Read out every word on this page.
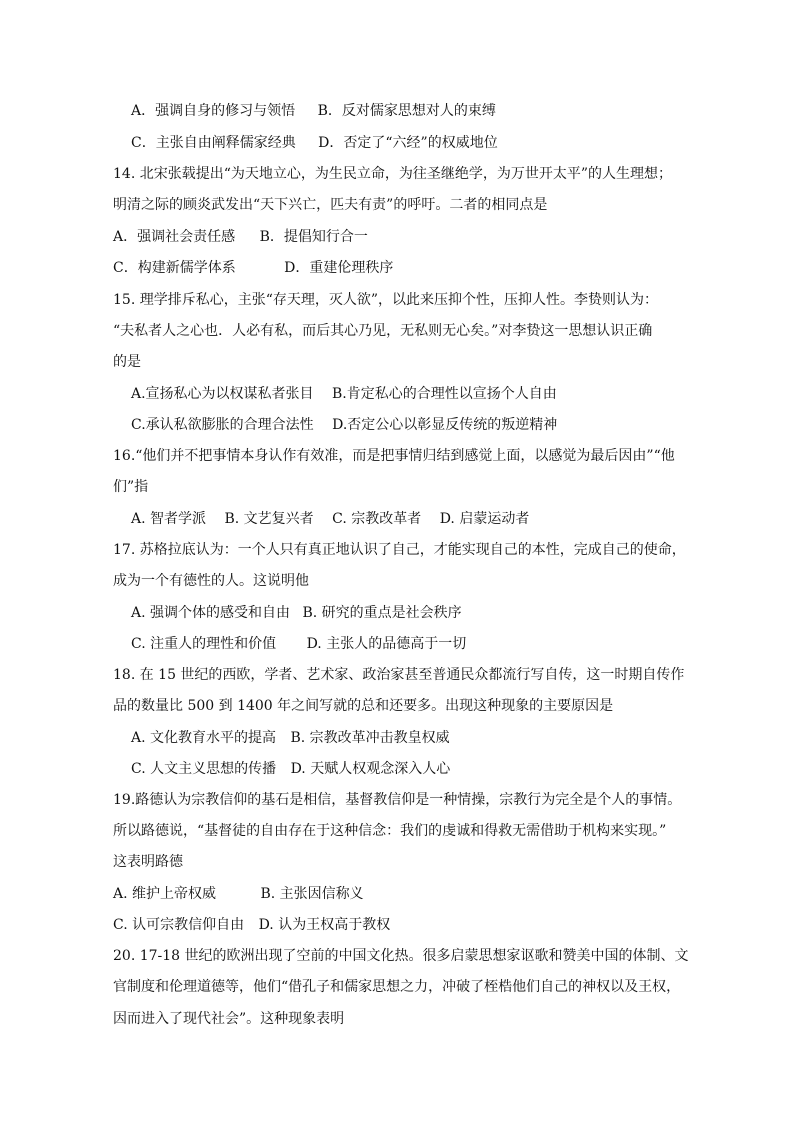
A．强调自身的修习与领悟 B．反对儒家思想对人的束缚
C．主张自由阐释儒家经典 D．否定了“六经”的权威地位
14. 北宋张载提出“为天地立心，为生民立命，为往圣继绝学，为万世开太平”的人生理想；
明清之际的顾炎武发出“天下兴亡，匹夫有责”的呼吁。二者的相同点是
A．强调社会责任感 B．提倡知行合一
C．构建新儒学体系	D．重建伦理秩序
15. 理学排斥私心，主张“存天理，灭人欲”，以此来压抑个性，压抑人性。李贽则认为：
“夫私者人之心也．人必有私，而后其心乃见，无私则无心矣。”对李贽这一思想认识正确
的是
A.宣扬私心为以权谋私者张目 B.肯定私心的合理性以宣扬个人自由
C.承认私欲膨胀的合理合法性 D.否定公心以彰显反传统的叛逆精神
16.“他们并不把事情本身认作有效准，而是把事情归结到感觉上面，以感觉为最后因由”“他
们”指
A. 智者学派 B. 文艺复兴者 C. 宗教改革者 D. 启蒙运动者
17. 苏格拉底认为：一个人只有真正地认识了自己，才能实现自己的本性，完成自己的使命，
成为一个有德性的人。这说明他
A. 强调个体的感受和自由 B. 研究的重点是社会秩序
C. 注重人的理性和价值 D. 主张人的品德高于一切
18. 在 15 世纪的西欧，学者、艺术家、政治家甚至普通民众都流行写自传，这一时期自传作
品的数量比 500 到 1400 年之间写就的总和还要多。出现这种现象的主要原因是
A. 文化教育水平的提高 B. 宗教改革冲击教皇权威
C. 人文主义思想的传播 D. 天赋人权观念深入人心
19.路德认为宗教信仰的基石是相信，基督教信仰是一种情操，宗教行为完全是个人的事情。
所以路德说，“基督徒的自由存在于这种信念：我们的虔诚和得救无需借助于机构来实现。”
这表明路德
A. 维护上帝权威	B. 主张因信称义
C. 认可宗教信仰自由 D. 认为王权高于教权
20. 17-18 世纪的欧洲出现了空前的中国文化热。很多启蒙思想家讴歌和赞美中国的体制、文
官制度和伦理道德等，他们“借孔子和儒家思想之力，冲破了桎梏他们自己的神权以及王权，
因而进入了现代社会”。这种现象表明
